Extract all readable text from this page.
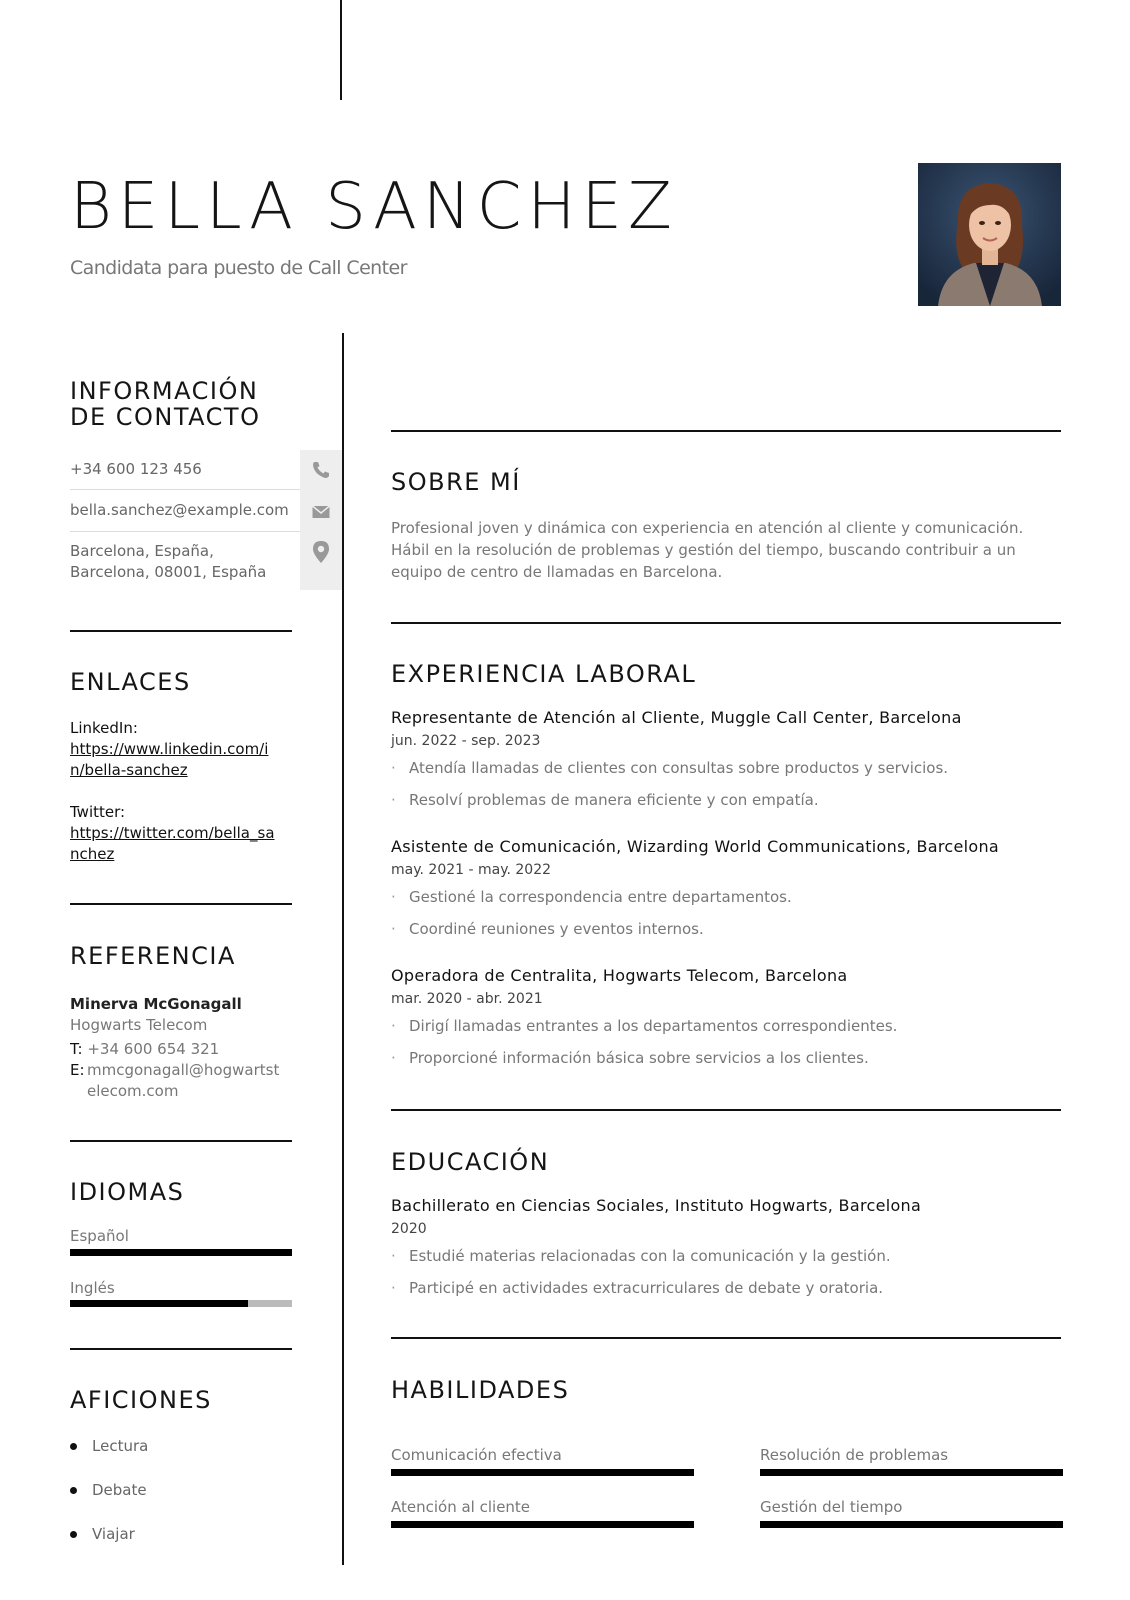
BELLA SANCHEZ
Candidata para puesto de Call Center
INFORMACIÓN
DE CONTACTO
+34 600 123 456
bella.sanchez@example.com
Barcelona, España,
Barcelona, 08001, España
ENLACES
LinkedIn:
https://www.linkedin.com/in/bella-sanchez
Twitter:
https://twitter.com/bella_sanchez
REFERENCIA
Minerva McGonagall
Hogwarts Telecom
T: +34 600 654 321
E: mmcgonagall@hogwartstelecom.com
IDIOMAS
Español
Inglés
AFICIONES
Lectura
Debate
Viajar
SOBRE MÍ
Profesional joven y dinámica con experiencia en atención al cliente y comunicación. Hábil en la resolución de problemas y gestión del tiempo, buscando contribuir a un equipo de centro de llamadas en Barcelona.
EXPERIENCIA LABORAL
Representante de Atención al Cliente, Muggle Call Center, Barcelona
jun. 2022 - sep. 2023
· Atendía llamadas de clientes con consultas sobre productos y servicios.
· Resolví problemas de manera eficiente y con empatía.
Asistente de Comunicación, Wizarding World Communications, Barcelona
may. 2021 - may. 2022
· Gestioné la correspondencia entre departamentos.
· Coordiné reuniones y eventos internos.
Operadora de Centralita, Hogwarts Telecom, Barcelona
mar. 2020 - abr. 2021
· Dirigí llamadas entrantes a los departamentos correspondientes.
· Proporcioné información básica sobre servicios a los clientes.
EDUCACIÓN
Bachillerato en Ciencias Sociales, Instituto Hogwarts, Barcelona
2020
· Estudié materias relacionadas con la comunicación y la gestión.
· Participé en actividades extracurriculares de debate y oratoria.
HABILIDADES
Comunicación efectiva	Resolución de problemas
Atención al cliente	Gestión del tiempo
